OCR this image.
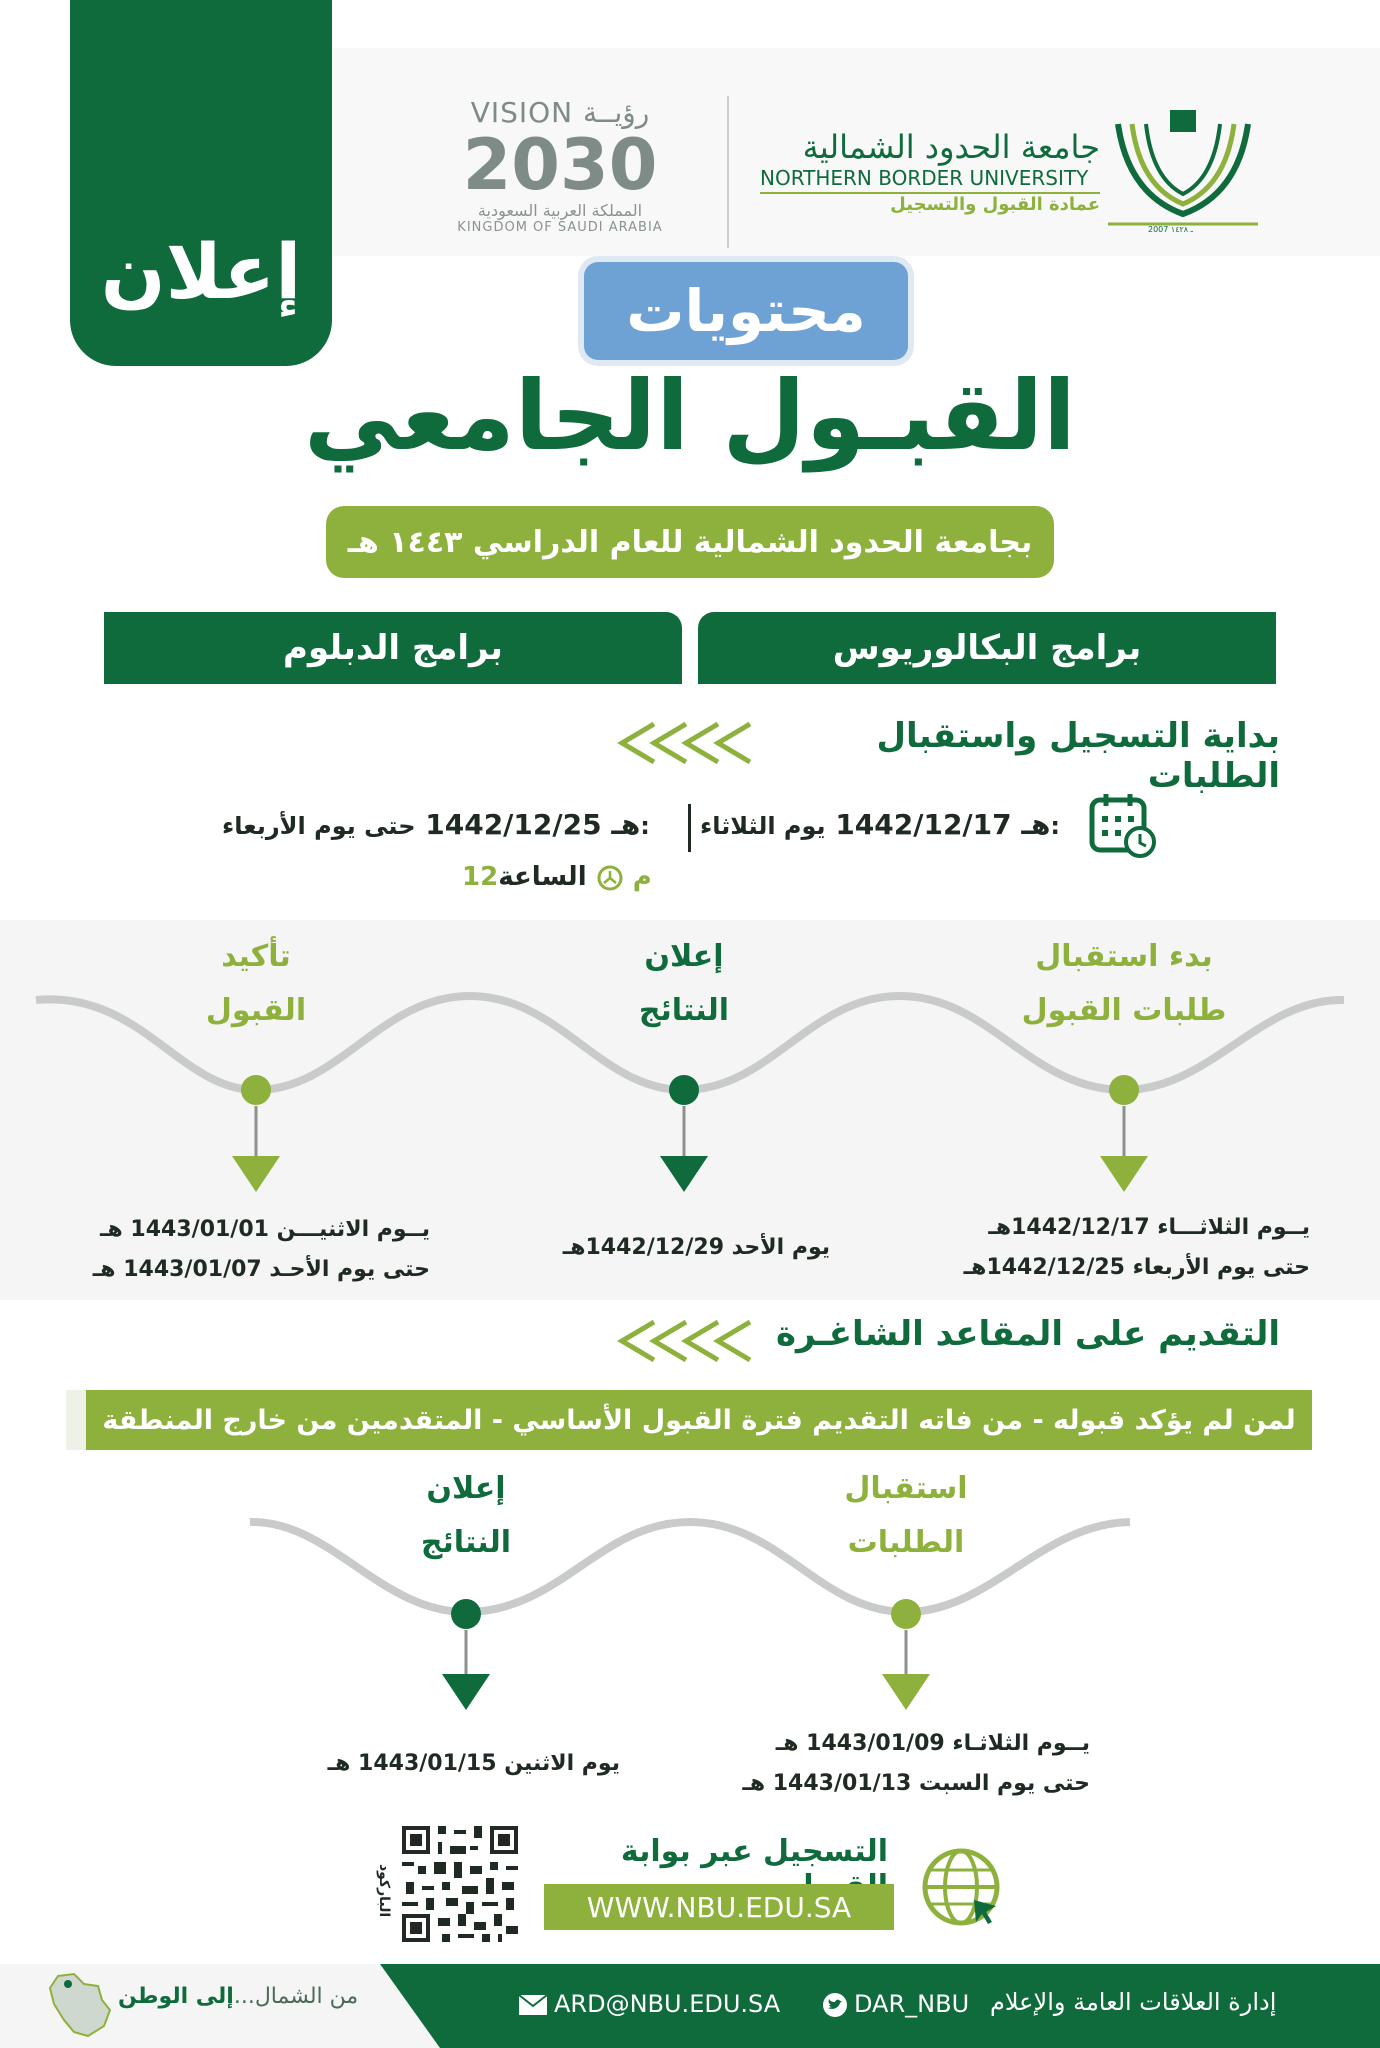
إعلان
VISION رؤيــة
2030
المملكة العربية السعودية
KINGDOM OF SAUDI ARABIA
جامعة الحدود الشمالية
NORTHERN BORDER UNIVERSITY
عمادة القبول والتسجيل
2007 ـ ١٤٢٨
محتويات
القبـول الجامعي
بجامعة الحدود الشمالية للعام الدراسي ١٤٤٣ هـ
برامج البكالوريوس
برامج الدبلوم
بداية التسجيل واستقبال الطلبات
هـ 1442/12/17 يوم الثلاثاء:
هـ 1442/12/25 حتى يوم الأربعاء:
12م  الساعة
بدء استقبال
طلبات القبول
إعلان
النتائج
تأكيد
القبول
يــوم الثلاثـــاء 1442/12/17هـ
حتى يوم الأربعاء 1442/12/25هـ
يوم الأحد 1442/12/29هـ
يــوم الاثنيـــن 1443/01/01 هـ
حتى يوم الأحـد 1443/01/07 هـ
التقديم على المقاعد الشاغـرة
لمن لم يؤكد قبوله - من فاته التقديم فترة القبول الأساسي - المتقدمين من خارج المنطقة
استقبال
الطلبات
إعلان
النتائج
يــوم الثلاثـاء 1443/01/09 هـ
حتى يوم السبت 1443/01/13 هـ
يوم الاثنين 1443/01/15 هـ
التسجيل عبر بوابة
WWW.NBU.EDU.SA
الباركود
إدارة العلاقات العامة والإعلام
DAR_NBU
ARD@NBU.EDU.SA
من الشمال...إلى الوطن
